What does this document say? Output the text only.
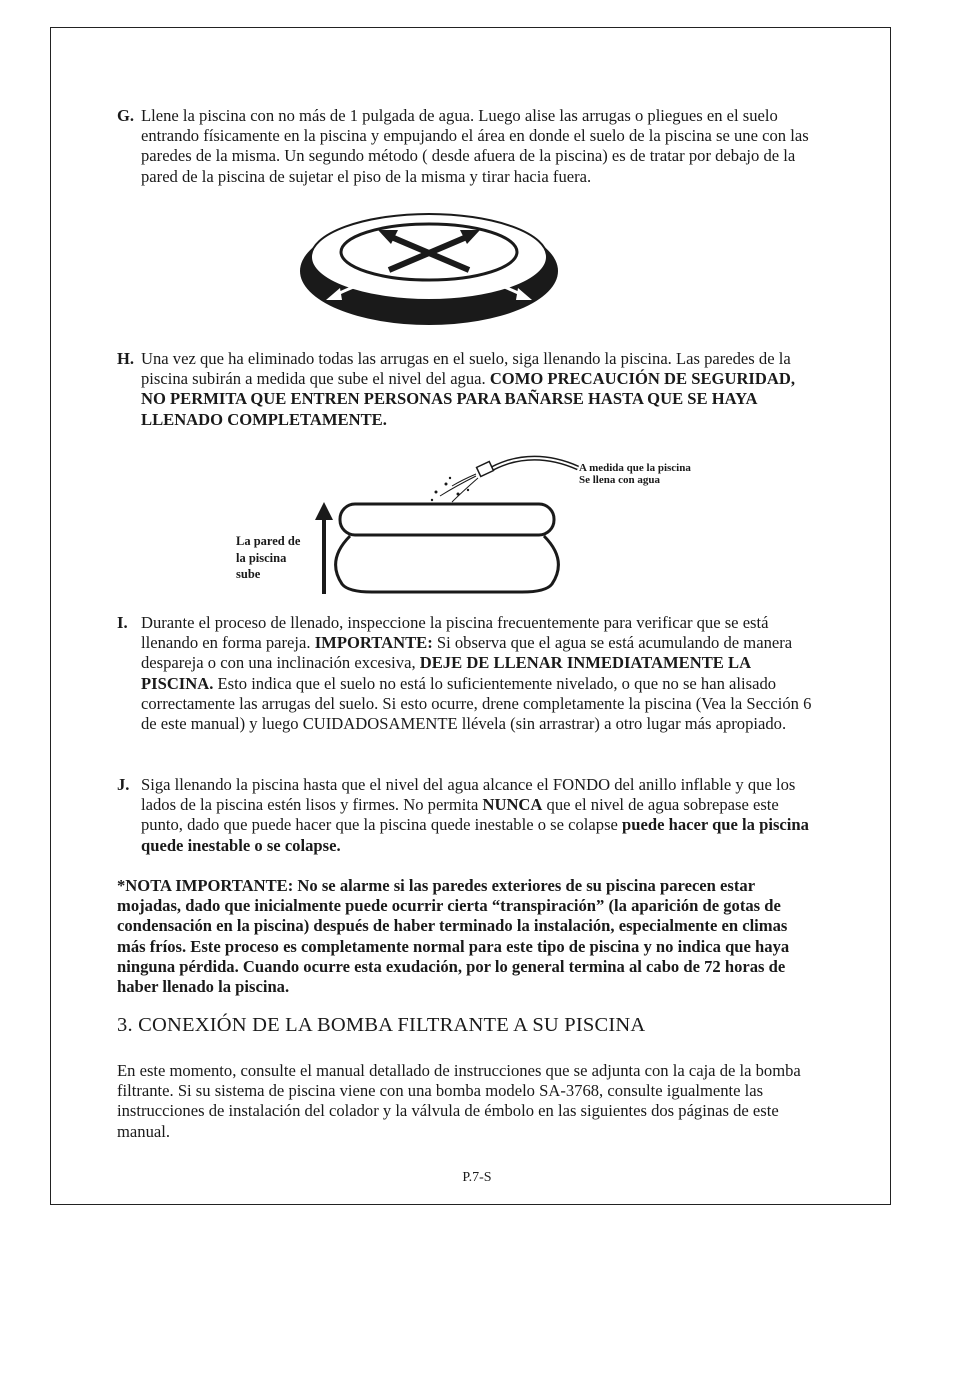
G. Llene la piscina con no más de 1 pulgada de agua. Luego alise las arrugas o pliegues en el suelo entrando físicamente en la piscina y empujando el área en donde el suelo de la piscina se une con las paredes de la misma. Un segundo método ( desde afuera de la piscina) es de tratar por debajo de la pared de la piscina de sujetar el piso de la misma y tirar hacia fuera.
H. Una vez que ha eliminado todas las arrugas en el suelo, siga llenando la piscina. Las paredes de la piscina subirán a medida que sube el nivel del agua. COMO PRECAUCIÓN DE SEGURIDAD, NO PERMITA QUE ENTREN PERSONAS PARA BAÑARSE HASTA QUE SE HAYA LLENADO COMPLETAMENTE.
A medida que la piscina
Se llena con agua
La pared de
la piscina
sube
I. Durante el proceso de llenado, inspeccione la piscina frecuentemente para verificar que se está llenando en forma pareja. IMPORTANTE: Si observa que el agua se está acumulando de manera despareja o con una inclinación excesiva, DEJE DE LLENAR INMEDIATAMENTE LA PISCINA. Esto indica que el suelo no está lo suficientemente nivelado, o que no se han alisado correctamente las arrugas del suelo. Si esto ocurre, drene completamente la piscina (Vea la Sección 6 de este manual) y luego CUIDADOSAMENTE llévela (sin arrastrar) a otro lugar más apropiado.
J. Siga llenando la piscina hasta que el nivel del agua alcance el FONDO del anillo inflable y que los lados de la piscina estén lisos y firmes. No permita NUNCA que el nivel de agua sobrepase este punto, dado que puede hacer que la piscina quede inestable o se colapse puede hacer que la piscina quede inestable o se colapse.
*NOTA IMPORTANTE: No se alarme si las paredes exteriores de su piscina parecen estar mojadas, dado que inicialmente puede ocurrir cierta “transpiración” (la aparición de gotas de condensación en la piscina) después de haber terminado la instalación, especialmente en climas más fríos. Este proceso es completamente normal para este tipo de piscina y no indica que haya ninguna pérdida. Cuando ocurre esta exudación, por lo general termina al cabo de 72 horas de haber llenado la piscina.
3. CONEXIÓN DE LA BOMBA FILTRANTE A SU PISCINA
En este momento, consulte el manual detallado de instrucciones que se adjunta con la caja de la bomba filtrante. Si su sistema de piscina viene con una bomba modelo SA-3768, consulte igualmente las instrucciones de instalación del colador y la válvula de émbolo en las siguientes dos páginas de este manual.
P.7-S
